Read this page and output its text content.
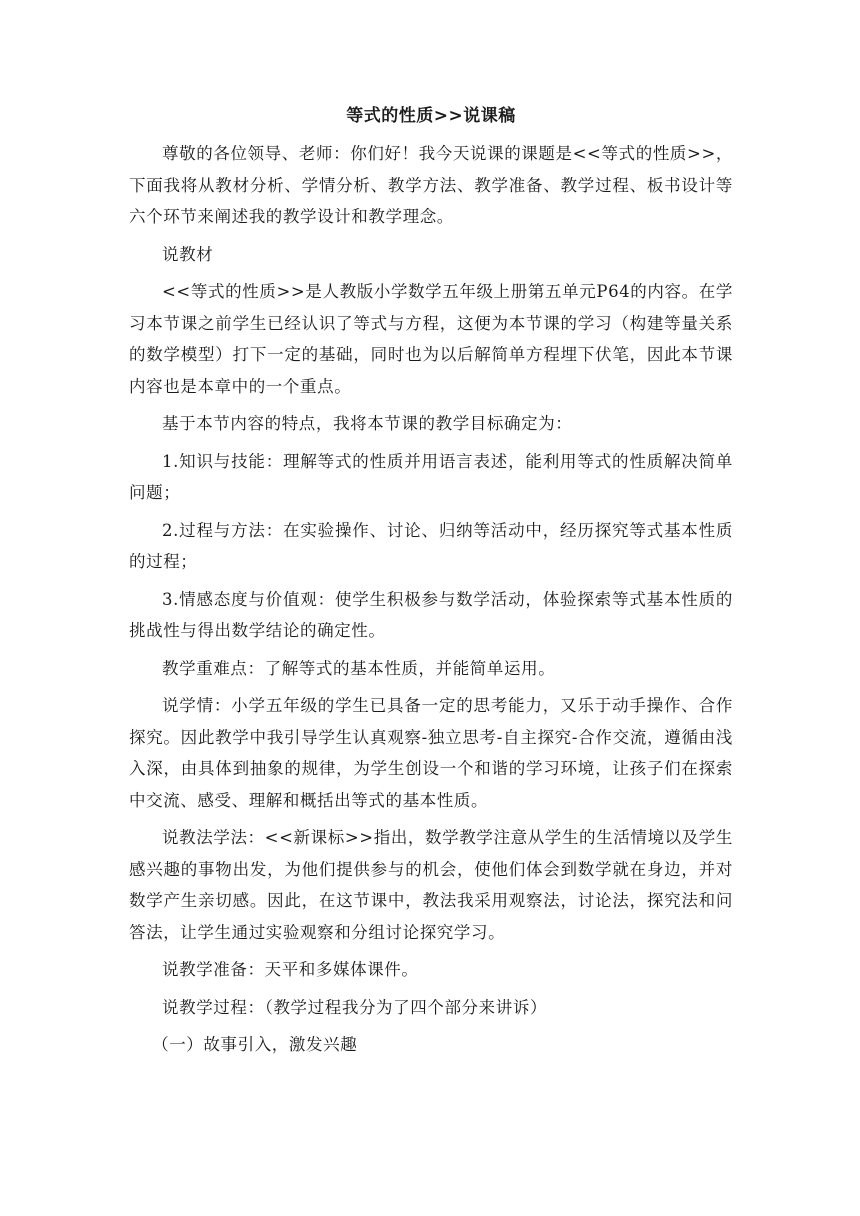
等式的性质>>说课稿

尊敬的各位领导、老师：你们好！我今天说课的课题是<<等式的性质>>，下面我将从教材分析、学情分析、教学方法、教学准备、教学过程、板书设计等六个环节来阐述我的教学设计和教学理念。

说教材

<<等式的性质>>是人教版小学数学五年级上册第五单元P64的内容。在学习本节课之前学生已经认识了等式与方程，这便为本节课的学习（构建等量关系的数学模型）打下一定的基础，同时也为以后解简单方程埋下伏笔，因此本节课内容也是本章中的一个重点。

基于本节内容的特点，我将本节课的教学目标确定为：

1.知识与技能：理解等式的性质并用语言表述，能利用等式的性质解决简单问题；

2.过程与方法：在实验操作、讨论、归纳等活动中，经历探究等式基本性质的过程；

3.情感态度与价值观：使学生积极参与数学活动，体验探索等式基本性质的挑战性与得出数学结论的确定性。

教学重难点：了解等式的基本性质，并能简单运用。

说学情：小学五年级的学生已具备一定的思考能力，又乐于动手操作、合作探究。因此教学中我引导学生认真观察-独立思考-自主探究-合作交流，遵循由浅入深，由具体到抽象的规律，为学生创设一个和谐的学习环境，让孩子们在探索中交流、感受、理解和概括出等式的基本性质。

说教法学法：<<新课标>>指出，数学教学注意从学生的生活情境以及学生感兴趣的事物出发，为他们提供参与的机会，使他们体会到数学就在身边，并对数学产生亲切感。因此，在这节课中，教法我采用观察法，讨论法，探究法和问答法，让学生通过实验观察和分组讨论探究学习。

说教学准备：天平和多媒体课件。

说教学过程：（教学过程我分为了四个部分来讲诉）

（一）故事引入，激发兴趣
